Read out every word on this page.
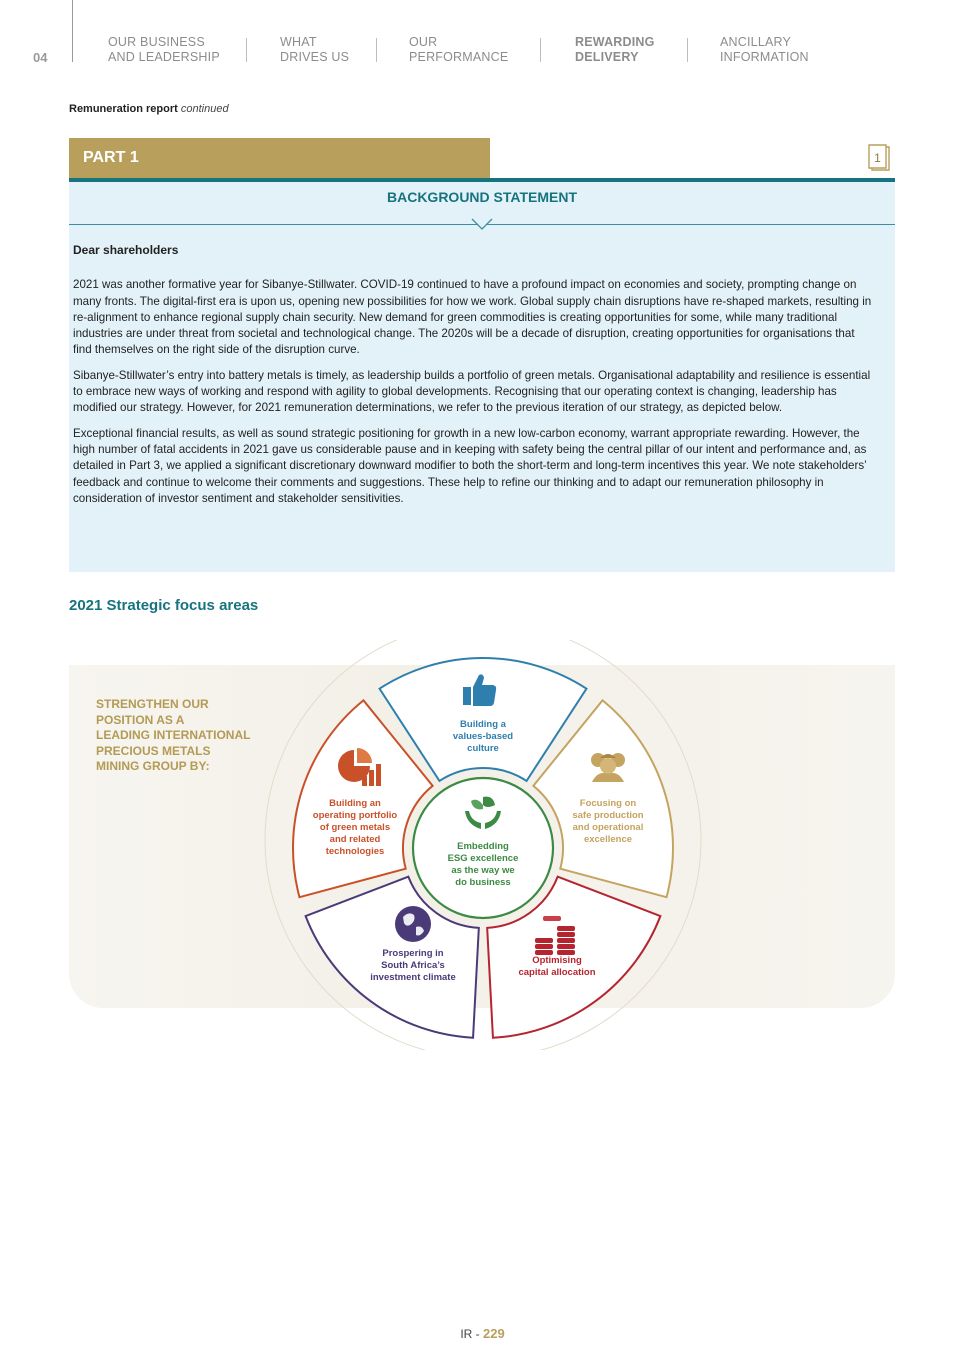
04
OUR BUSINESS
AND LEADERSHIP
WHAT
DRIVES US
OUR
PERFORMANCE
REWARDING
DELIVERY
ANCILLARY
INFORMATION
Remuneration report continued
PART 1	1
BACKGROUND STATEMENT

Dear shareholders

2021 was another formative year for Sibanye-Stillwater. COVID-19 continued to have a profound impact on economies and society, prompting change on many fronts. The digital-first era is upon us, opening new possibilities for how we work. Global supply chain disruptions have re-shaped markets, resulting in re-alignment to enhance regional supply chain security. New demand for green commodities is creating opportunities for some, while many traditional industries are under threat from societal and technological change. The 2020s will be a decade of disruption, creating opportunities for organisations that find themselves on the right side of the disruption curve.

Sibanye-Stillwater’s entry into battery metals is timely, as leadership builds a portfolio of green metals. Organisational adaptability and resilience is essential to embrace new ways of working and respond with agility to global developments. Recognising that our operating context is changing, leadership has modified our strategy. However, for 2021 remuneration determinations, we refer to the previous iteration of our strategy, as depicted below.

Exceptional financial results, as well as sound strategic positioning for growth in a new low-carbon economy, warrant appropriate rewarding. However, the high number of fatal accidents in 2021 gave us considerable pause and in keeping with safety being the central pillar of our intent and performance and, as detailed in Part 3, we applied a significant discretionary downward modifier to both the short-term and long-term incentives this year. We note stakeholders’ feedback and continue to welcome their comments and suggestions. These help to refine our thinking and to adapt our remuneration philosophy in consideration of investor sentiment and stakeholder sensitivities.

2021 Strategic focus areas
STRENGTHEN OUR
POSITION AS A
LEADING INTERNATIONAL
PRECIOUS METALS
MINING GROUP BY:
Building a
values-based
culture
Focusing on
safe production
and operational
excellence
Optimising
capital allocation
Prospering in
South Africa’s
investment climate
Building an
operating portfolio
of green metals
and related
technologies	Embedding
ESG excellence
as the way we
do business
IR - 229
